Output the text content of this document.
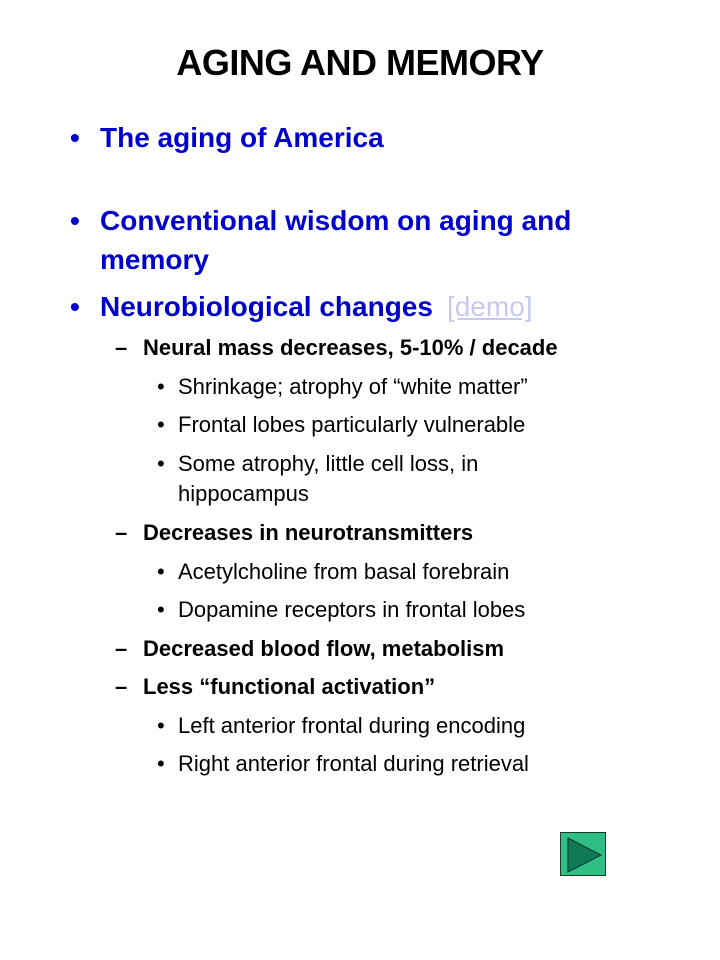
AGING AND MEMORY
• The aging of America
• Conventional wisdom on aging and memory
• Neurobiological changes [demo]
– Neural mass decreases, 5-10% / decade
• Shrinkage; atrophy of “white matter”
• Frontal lobes particularly vulnerable
• Some atrophy, little cell loss, in hippocampus
– Decreases in neurotransmitters
• Acetylcholine from basal forebrain
• Dopamine receptors in frontal lobes
– Decreased blood flow, metabolism
– Less “functional activation”
• Left anterior frontal during encoding
• Right anterior frontal during retrieval
